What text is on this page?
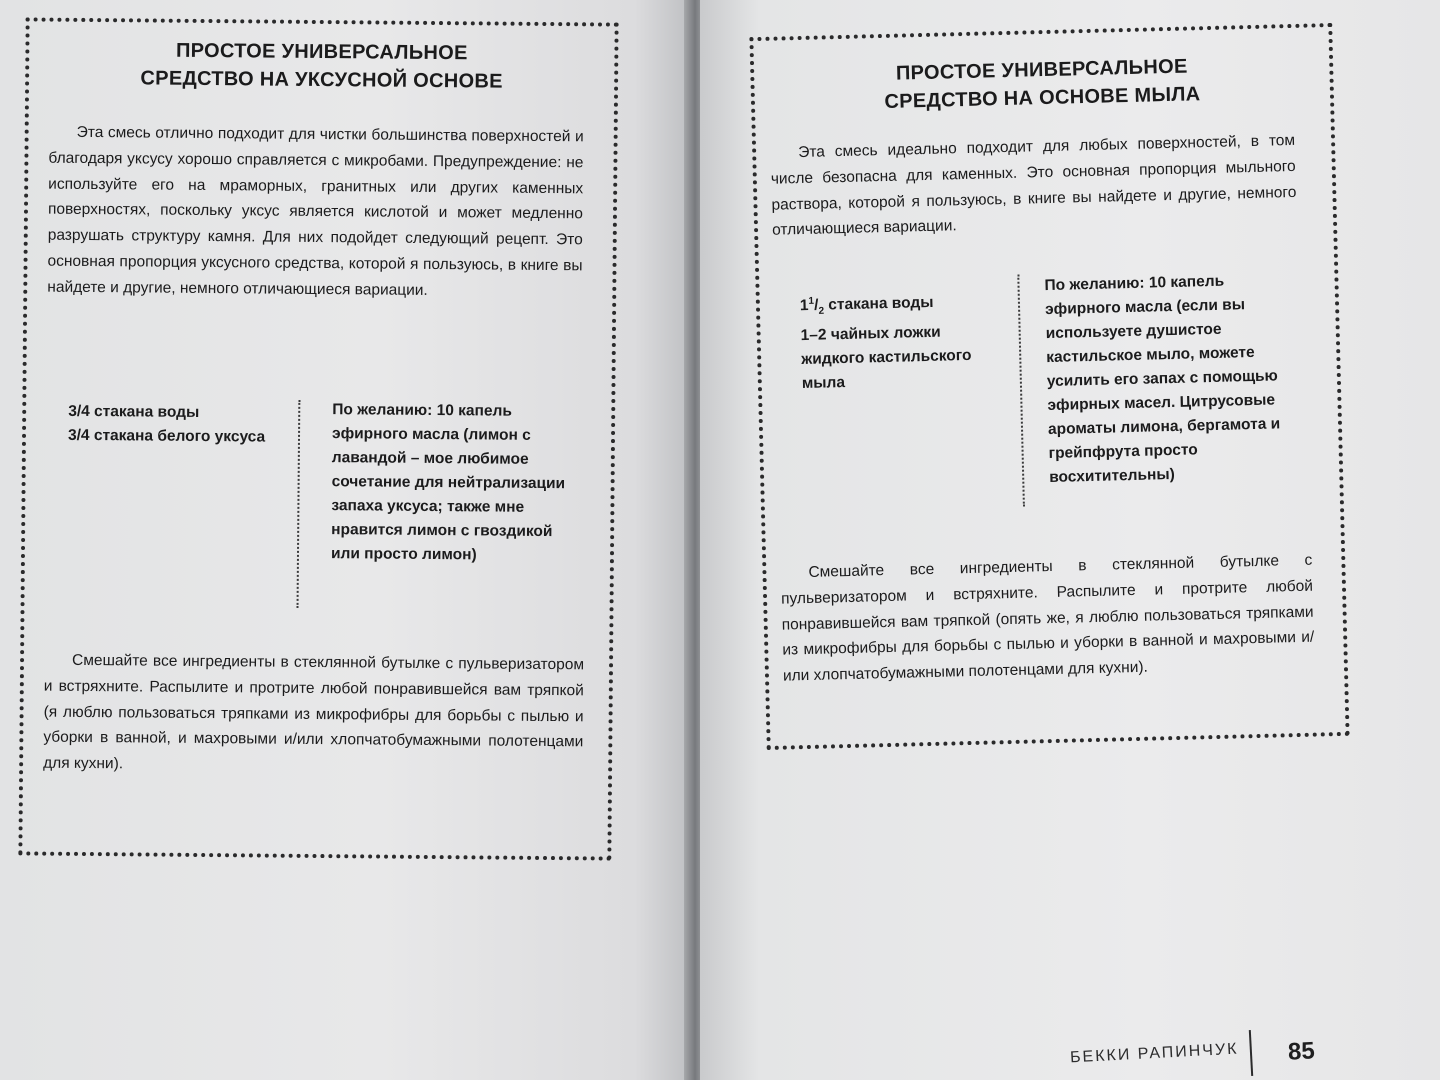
ПРОСТОЕ УНИВЕРСАЛЬНОЕ
СРЕДСТВО НА УКСУСНОЙ ОСНОВЕ
Эта смесь отлично подходит для чистки большинства поверхностей и благодаря уксусу хорошо справляется с микробами. Предупреждение: не используйте его на мраморных, гранитных или других каменных поверхностях, поскольку уксус является кислотой и может медленно разрушать структуру камня. Для них подойдет следующий рецепт. Это основная пропорция уксусного средства, которой я пользуюсь, в книге вы найдете и другие, немного отличающиеся вариации.
3/4 стакана воды
3/4 стакана белого уксуса
По желанию: 10 капель эфирного масла (лимон с лавандой – мое любимое сочетание для нейтрализации запаха уксуса; также мне нравится лимон с гвоздикой или просто лимон)
Смешайте все ингредиенты в стеклянной бутылке с пульверизатором и встряхните. Распылите и протрите любой понравившейся вам тряпкой (я люблю пользоваться тряпками из микрофибры для борьбы с пылью и уборки в ванной, и махровыми и/или хлопчатобумажными полотенцами для кухни).
ПРОСТОЕ УНИВЕРСАЛЬНОЕ
СРЕДСТВО НА ОСНОВЕ МЫЛА
Эта смесь идеально подходит для любых поверхностей, в том числе безопасна для каменных. Это основная пропорция мыльного раствора, которой я пользуюсь, в книге вы найдете и другие, немного отличающиеся вариации.
$1^1/_2$ стакана воды
1–2 чайных ложки жидкого кастильского мыла
По желанию: 10 капель эфирного масла (если вы используете душистое кастильское мыло, можете усилить его запах с помощью эфирных масел. Цитрусовые ароматы лимона, бергамота и грейпфрута просто восхитительны)
Смешайте все ингредиенты в стеклянной бутылке с пульверизатором и встряхните. Распылите и протрите любой понравившейся вам тряпкой (опять же, я люблю пользоваться тряпками из микрофибры для борьбы с пылью и уборки в ванной и махровыми и/или хлопчатобумажными полотенцами для кухни).
БЕККИ РАПИНЧУК 85
